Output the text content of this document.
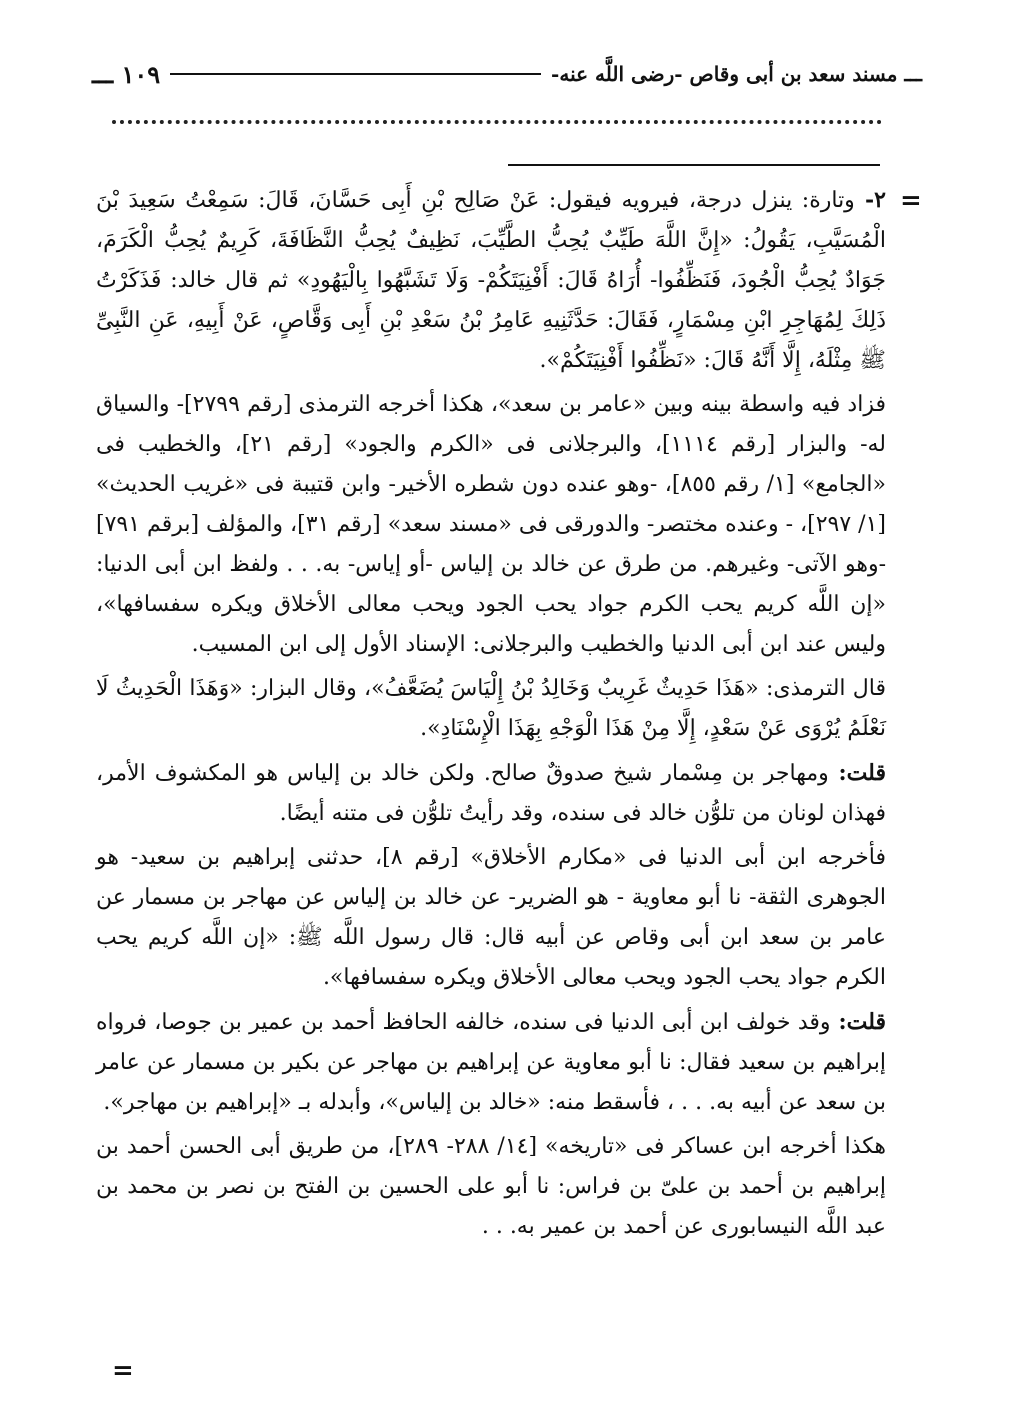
ـــ مسند سعد بن أبى وقاص -رضى اللَّه عنه-
١٠٩ ـــ
=

٢- وتارة: ينزل درجة، فيرويه فيقول: عَنْ صَالِح بْنِ أَبِى حَسَّانَ، قَالَ: سَمِعْتُ سَعِيدَ بْنَ الْمُسَيَّبِ، يَقُولُ: «إِنَّ اللَّهَ طَيِّبٌ يُحِبُّ الطَّيِّبَ، نَظِيفٌ يُحِبُّ النَّظَافَةَ، كَرِيمٌ يُحِبُّ الْكَرَمَ، جَوَادٌ يُحِبُّ الْجُودَ، فَنَظِّفُوا- أُرَاهُ قَالَ: أَفْنِيَتَكُمْ- وَلَا تَشَبَّهُوا بِالْيَهُودِ» ثم قال خالد: فَذَكَرْتُ ذَلِكَ لِمُهَاجِرِ ابْنِ مِسْمَارٍ، فَقَالَ: حَدَّثَنِيهِ عَامِرُ بْنُ سَعْدِ بْنِ أَبِى وَقَّاصٍ، عَنْ أَبِيهِ، عَنِ النَّبِىِّ ﷺ مِثْلَهُ، إِلَّا أَنَّهُ قَالَ: «نَظِّفُوا أَفْنِيَتَكُمْ».

فزاد فيه واسطة بينه وبين «عامر بن سعد»، هكذا أخرجه الترمذى [رقم ٢٧٩٩]- والسياق له- والبزار [رقم ١١١٤]، والبرجلانى فى «الكرم والجود» [رقم ٢١]، والخطيب فى «الجامع» [١/ رقم ٨٥٥]، -وهو عنده دون شطره الأخير- وابن قتيبة فى «غريب الحديث» [١/ ٢٩٧]، - وعنده مختصر- والدورقى فى «مسند سعد» [رقم ٣١]، والمؤلف [برقم ٧٩١] -وهو الآتى- وغيرهم. من طرق عن خالد بن إلياس -أو إياس- به. . . ولفظ ابن أبى الدنيا: «إن اللَّه كريم يحب الكرم جواد يحب الجود ويحب معالى الأخلاق ويكره سفسافها»، وليس عند ابن أبى الدنيا والخطيب والبرجلانى: الإسناد الأول إلى ابن المسيب.

قال الترمذى: «هَذَا حَدِيثٌ غَرِيبٌ وَخَالِدُ بْنُ إِلْيَاسَ يُضَعَّفُ»، وقال البزار: «وَهَذَا الْحَدِيثُ لَا نَعْلَمُ يُرْوَى عَنْ سَعْدٍ، إِلَّا مِنْ هَذَا الْوَجْهِ بِهَذَا الْإِسْنَادِ».

قلت: ومهاجر بن مِسْمار شيخ صدوقٌ صالح. ولكن خالد بن إلياس هو المكشوف الأمر، فهذان لونان من تلوُّن خالد فى سنده، وقد رأيتُ تلوُّن فى متنه أيضًا.

فأخرجه ابن أبى الدنيا فى «مكارم الأخلاق» [رقم ٨]، حدثنى إبراهيم بن سعيد- هو الجوهرى الثقة- نا أبو معاوية - هو الضرير- عن خالد بن إلياس عن مهاجر بن مسمار عن عامر بن سعد ابن أبى وقاص عن أبيه قال: قال رسول اللَّه ﷺ: «إن اللَّه كريم يحب الكرم جواد يحب الجود ويحب معالى الأخلاق ويكره سفسافها».

قلت: وقد خولف ابن أبى الدنيا فى سنده، خالفه الحافظ أحمد بن عمير بن جوصا، فرواه إبراهيم بن سعيد فقال: نا أبو معاوية عن إبراهيم بن مهاجر عن بكير بن مسمار عن عامر بن سعد عن أبيه به. . . ، فأسقط منه: «خالد بن إلياس»، وأبدله بـ «إبراهيم بن مهاجر».

هكذا أخرجه ابن عساكر فى «تاريخه» [١٤/ ٢٨٨- ٢٨٩]، من طريق أبى الحسن أحمد بن إبراهيم بن أحمد بن علىّ بن فراس: نا أبو على الحسين بن الفتح بن نصر بن محمد بن عبد اللَّه النيسابورى عن أحمد بن عمير به. . .

=
